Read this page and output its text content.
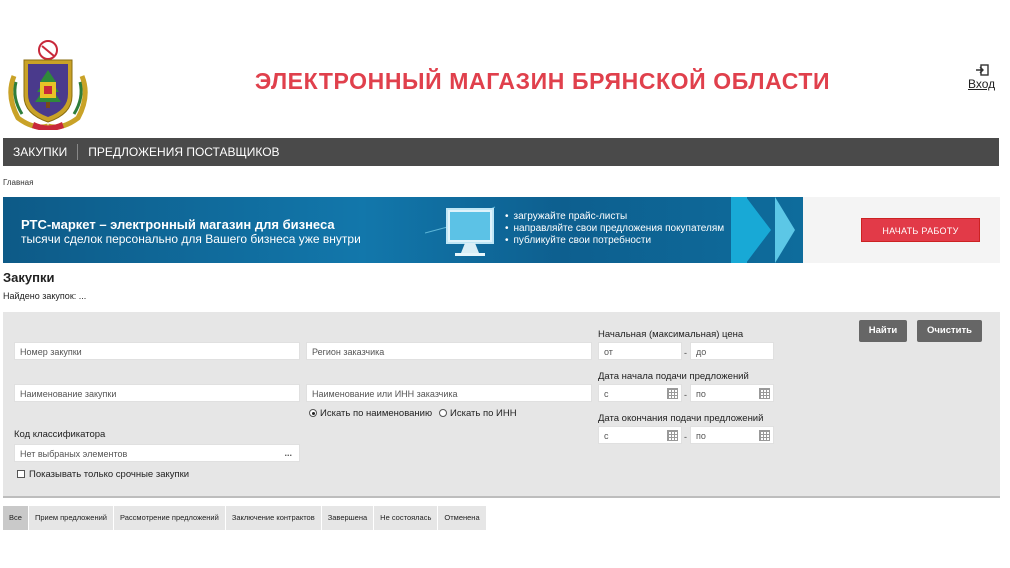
ЭЛЕКТРОННЫЙ МАГАЗИН БРЯНСКОЙ ОБЛАСТИ	Вход
ЗАКУПКИ	ПРЕДЛОЖЕНИЯ ПОСТАВЩИКОВ
Главная
РТС-маркет – электронный магазин для бизнеса
тысячи сделок персонально для Вашего бизнеса уже внутри
• загружайте прайс-листы
• направляйте свои предложения покупателям
• публикуйте свои потребности
НАЧАТЬ РАБОТУ
Закупки
Найдено закупок: ...
Номер закупки
Наименование закупки
Код классификатора
Нет выбраных элементов	...
Показывать только срочные закупки
Регион заказчика
Наименование или ИНН заказчика
Искать по наименованию	Искать по ИНН
Начальная (максимальная) цена
от	-	до
Дата начала подачи предложений
с	-	по
Дата окончания подачи предложений
с	-	по
Найти	Очистить
Все	Прием предложений	Рассмотрение предложений	Заключение контрактов	Завершена	Не состоялась	Отменена
